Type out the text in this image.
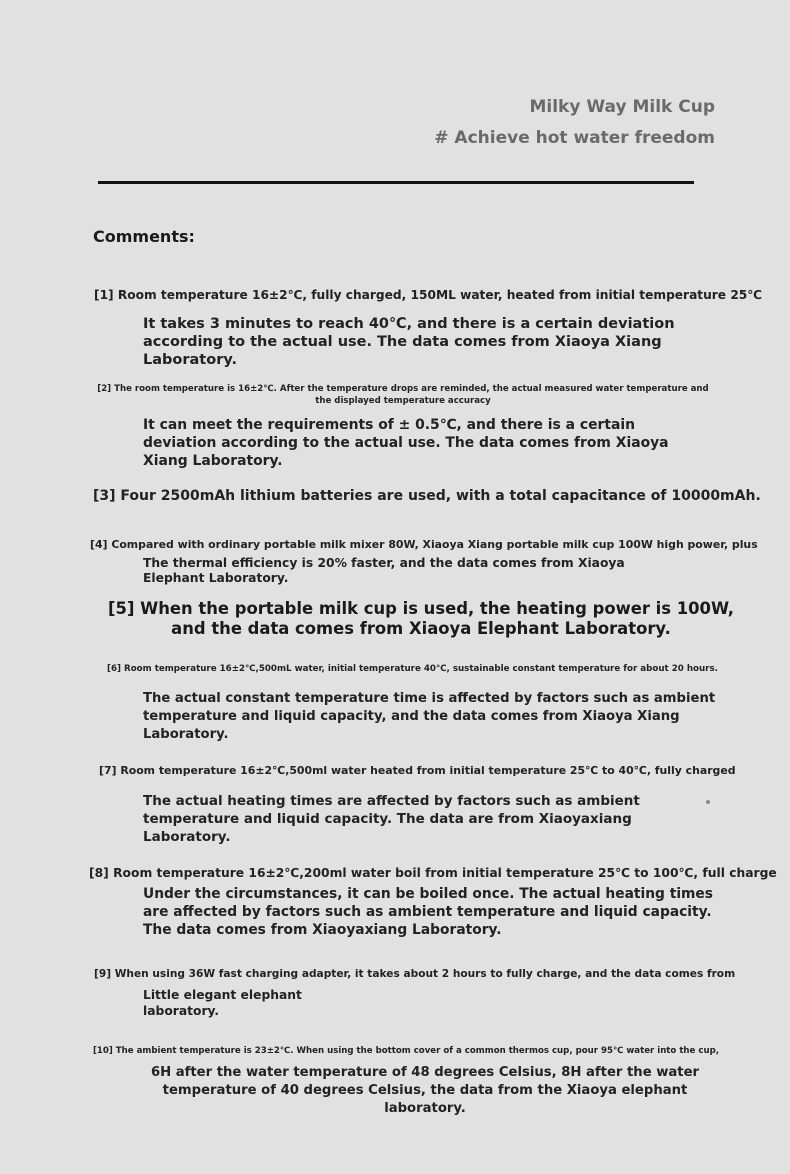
Milky Way Milk Cup
# Achieve hot water freedom
Comments:
[1] Room temperature 16±2℃, fully charged, 150ML water, heated from initial temperature 25℃
It takes 3 minutes to reach 40℃, and there is a certain deviation according to the actual use. The data comes from Xiaoya Xiang Laboratory.
[2] The room temperature is 16±2℃. After the temperature drops are reminded, the actual measured water temperature and the displayed temperature accuracy
It can meet the requirements of ± 0.5℃, and there is a certain deviation according to the actual use. The data comes from Xiaoya Xiang Laboratory.
[3] Four 2500mAh lithium batteries are used, with a total capacitance of 10000mAh.
[4] Compared with ordinary portable milk mixer 80W, Xiaoya Xiang portable milk cup 100W high power, plus
The thermal efficiency is 20% faster, and the data comes from Xiaoya Elephant Laboratory.
[5] When the portable milk cup is used, the heating power is 100W, and the data comes from Xiaoya Elephant Laboratory.
[6] Room temperature 16±2℃,500mL water, initial temperature 40℃, sustainable constant temperature for about 20 hours.
The actual constant temperature time is affected by factors such as ambient temperature and liquid capacity, and the data comes from Xiaoya Xiang Laboratory.
[7] Room temperature 16±2℃,500ml water heated from initial temperature 25℃ to 40℃, fully charged
The actual heating times are affected by factors such as ambient temperature and liquid capacity. The data are from Xiaoyaxiang Laboratory.
[8] Room temperature 16±2℃,200ml water boil from initial temperature 25℃ to 100℃, full charge
Under the circumstances, it can be boiled once. The actual heating times are affected by factors such as ambient temperature and liquid capacity. The data comes from Xiaoyaxiang Laboratory.
[9] When using 36W fast charging adapter, it takes about 2 hours to fully charge, and the data comes from
Little elegant elephant laboratory.
[10] The ambient temperature is 23±2℃. When using the bottom cover of a common thermos cup, pour 95℃ water into the cup,
6H after the water temperature of 48 degrees Celsius, 8H after the water temperature of 40 degrees Celsius, the data from the Xiaoya elephant laboratory.
